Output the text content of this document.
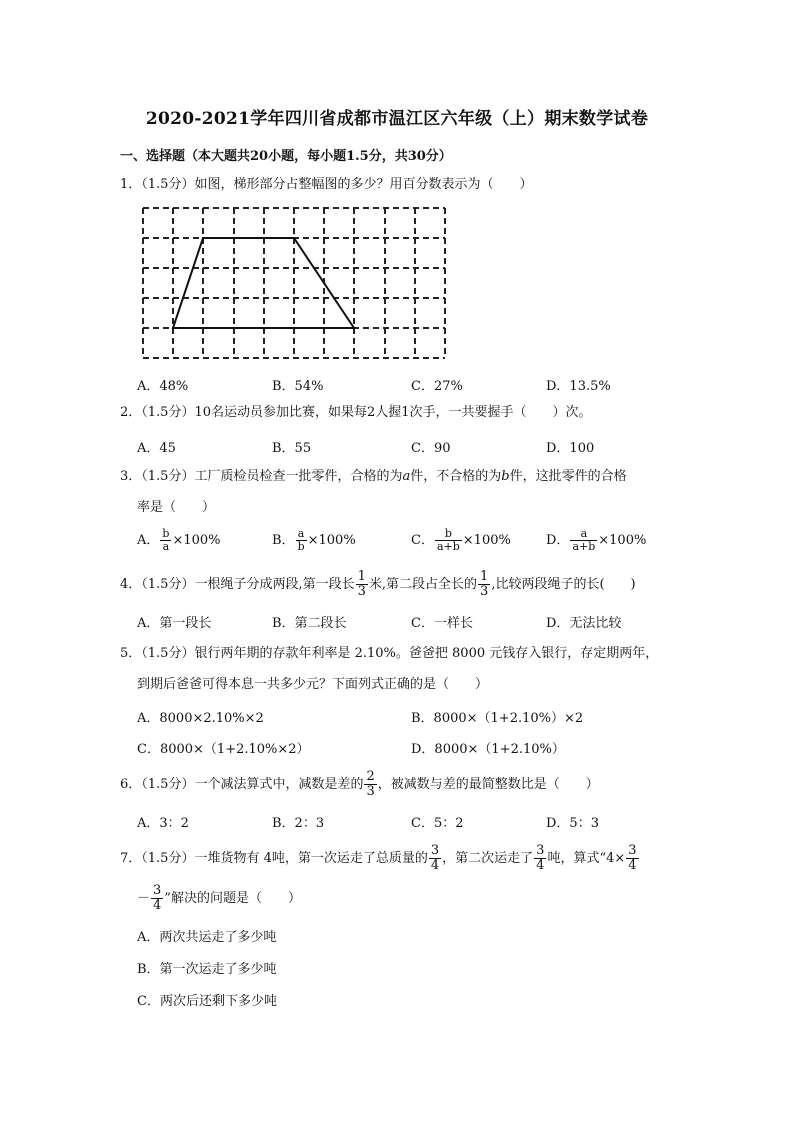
2020-2021学年四川省成都市温江区六年级（上）期末数学试卷
一、选择题（本大题共20小题，每小题1.5分，共30分）
1．（1.5分）如图，梯形部分占整幅图的多少？用百分数表示为（　　）
A．48%	B．54%	C．27%	D．13.5%
2．（1.5分）10名运动员参加比赛，如果每2人握1次手，一共要握手（　　）次。
A．45	B．55	C．90	D．100
3．（1.5分）工厂质检员检查一批零件，合格的为a件，不合格的为b件，这批零件的合格
率是（　　）
A． $\frac{b}{a} \times 100\%$	B． $\frac{a}{b} \times 100\%$	C． $\frac{b}{a+b} \times 100\%$	D． $\frac{a}{a+b} \times 100\%$
4．（1.5分）一根绳子分成两段,第一段长 $\frac{1}{3}$ 米,第二段占全长的 $\frac{1}{3}$ ,比较两段绳子的长(　　)
A．第一段长	B．第二段长	C．一样长	D．无法比较
5．（1.5分）银行两年期的存款年利率是 2.10%。爸爸把 8000 元钱存入银行，存定期两年，
到期后爸爸可得本息一共多少元？下面列式正确的是（　　）
A．8000×2.10%×2	B．8000×（1+2.10%）×2
C．8000×（1+2.10%×2）	D．8000×（1+2.10%）
6．（1.5分）一个减法算式中，减数是差的 $\frac{2}{3}$ ，被减数与差的最简整数比是（　　）
A．3：2	B．2：3	C．5：2	D．5：3
7．（1.5分）一堆货物有 4吨，第一次运走了总质量的 $\frac{3}{4}$ ，第二次运走了 $\frac{3}{4}$ 吨，算式“$4\times \frac{3}{4}$
－ $\frac{3}{4}$ ”解决的问题是（　　）
A．两次共运走了多少吨
B．第一次运走了多少吨
C．两次后还剩下多少吨
